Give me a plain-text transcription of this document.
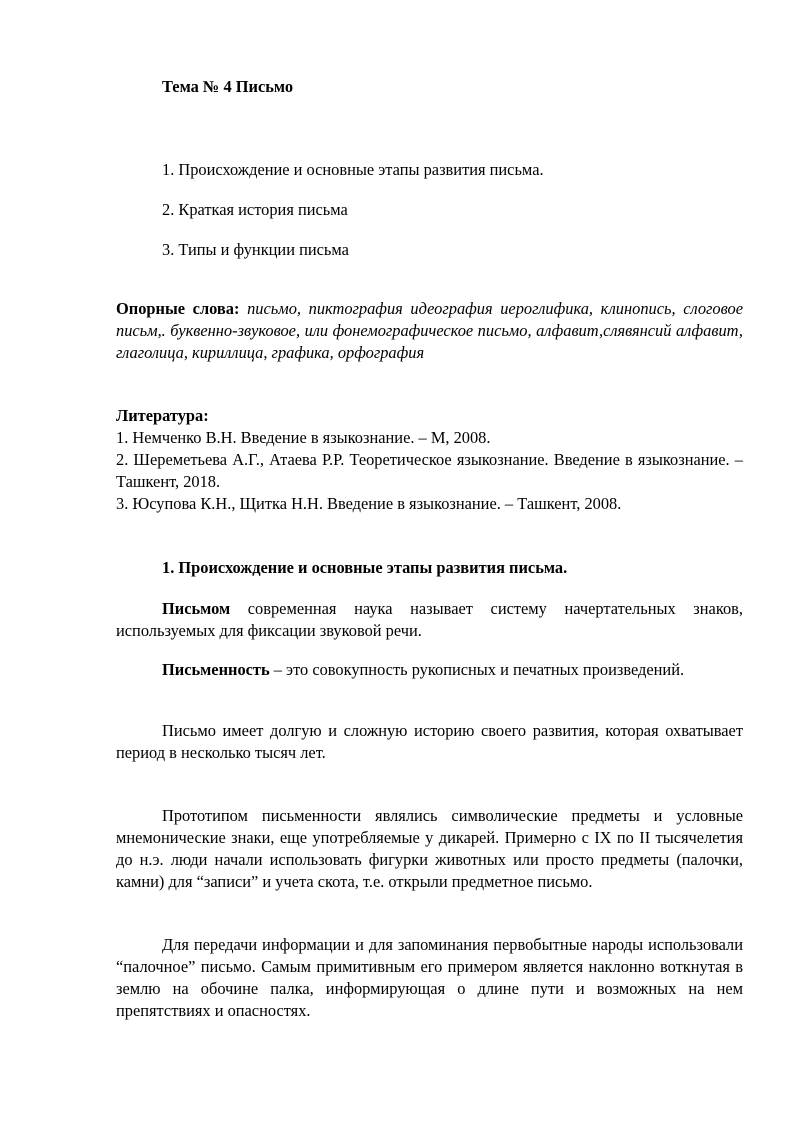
Тема № 4 Письмо

1. Происхождение и основные этапы развития письма.

2. Краткая история письма

3. Типы и функции письма

Опорные слова: письмо, пиктография идеография иероглифика, клинопись, слоговое письм,. буквенно-звуковое, или фонемографическое письмо, алфавит,слявянсий алфавит, глаголица, кириллица, графика, орфография

Литература:

1. Немченко В.Н. Введение в языкознание. – М, 2008.
2. Шереметьева А.Г., Атаева Р.Р. Теоретическое языкознание. Введение в языкознание. – Ташкент, 2018.
3. Юсупова К.Н., Щитка Н.Н. Введение в языкознание. – Ташкент, 2008.

1. Происхождение и основные этапы развития письма.

Письмом современная наука называет систему начертательных знаков, используемых для фиксации звуковой речи.

Письменность – это совокупность рукописных и печатных произведений.

Письмо имеет долгую и сложную историю своего развития, которая охватывает период в несколько тысяч лет.

Прототипом письменности являлись символические предметы и условные мнемонические знаки, еще употребляемые у дикарей. Примерно с IX по II тысячелетия до н.э. люди начали использовать фигурки животных или просто предметы (палочки, камни) для “записи” и учета скота, т.е. открыли предметное письмо.

Для передачи информации и для запоминания первобытные народы использовали “палочное” письмо. Самым примитивным его примером является наклонно воткнутая в землю на обочине палка, информирующая о длине пути и возможных на нем препятствиях и опасностях.
